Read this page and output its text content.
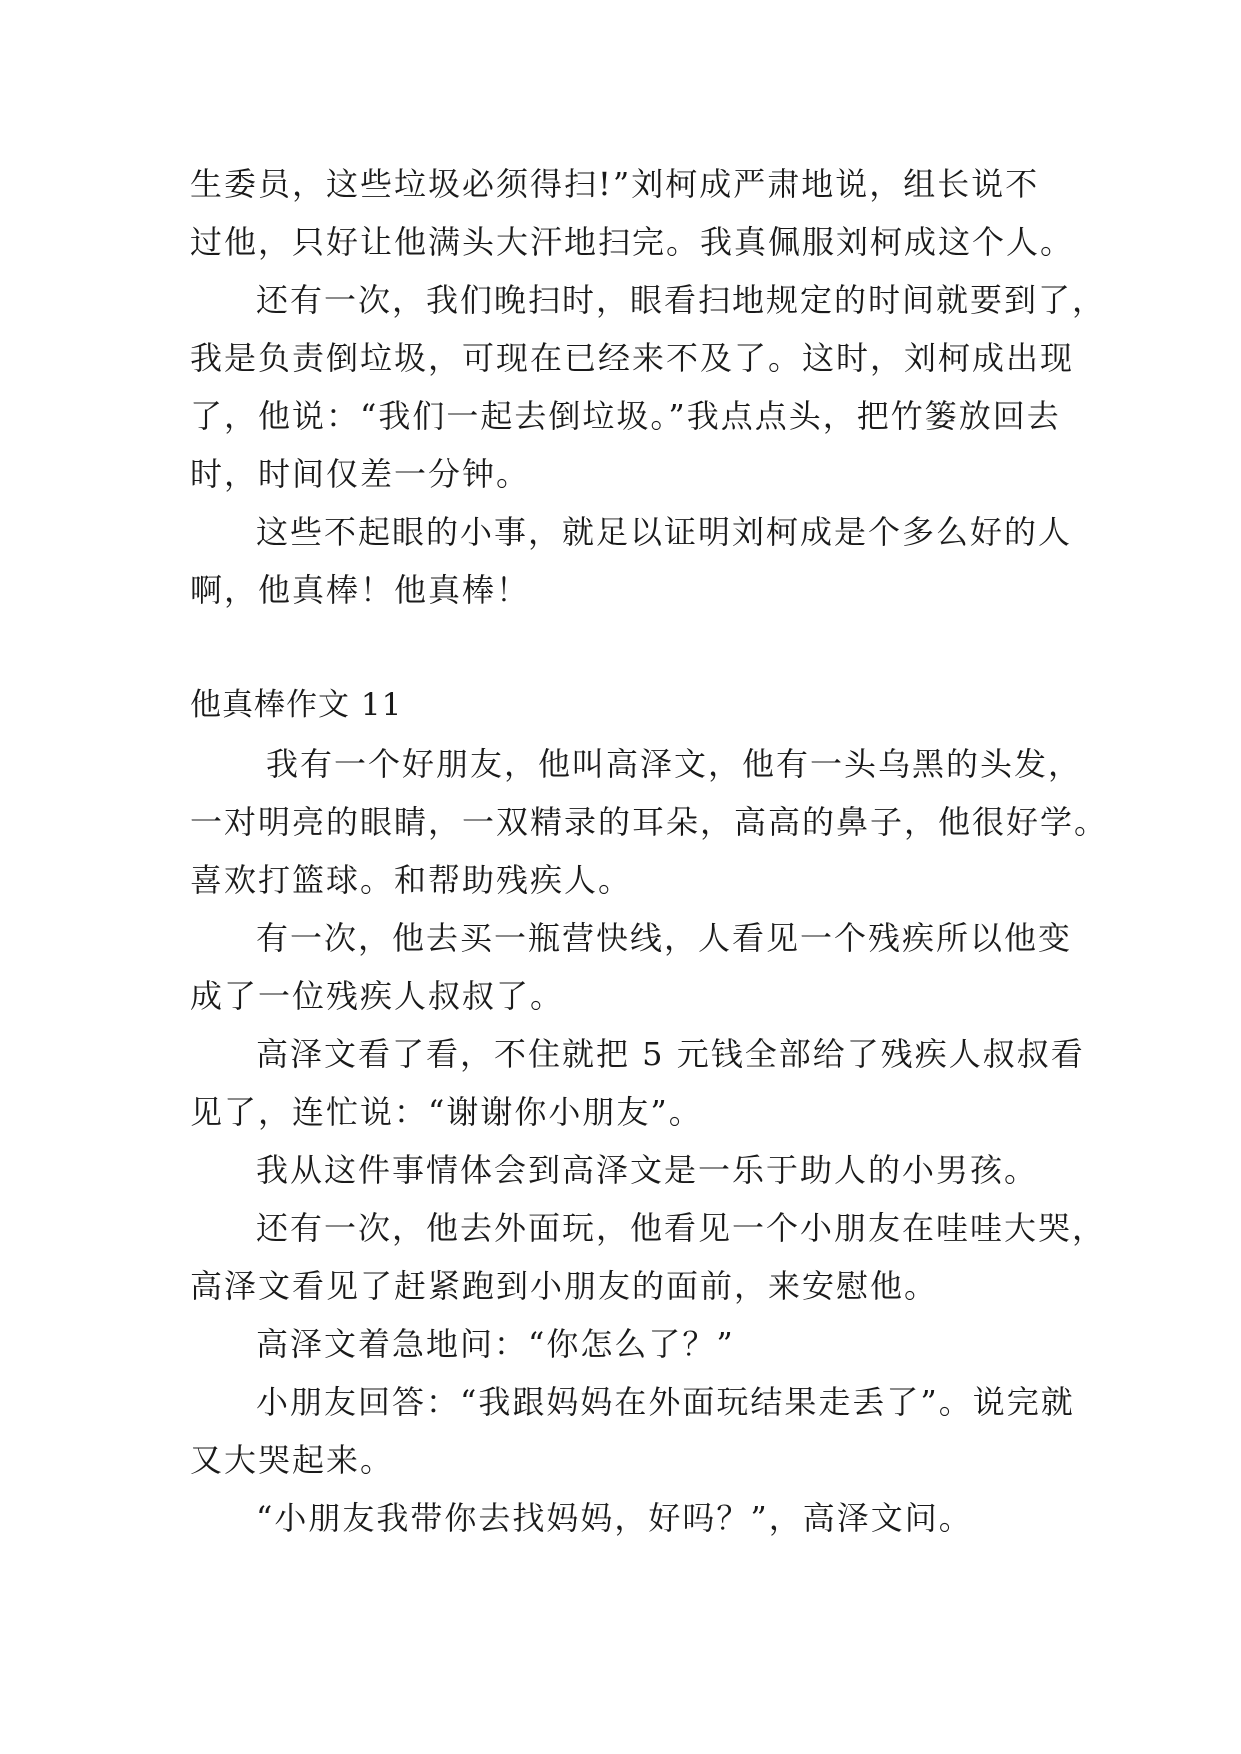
生委员，这些垃圾必须得扫!”刘柯成严肃地说，组长说不
过他，只好让他满头大汗地扫完。我真佩服刘柯成这个人。
还有一次，我们晚扫时，眼看扫地规定的时间就要到了，
我是负责倒垃圾，可现在已经来不及了。这时，刘柯成出现
了，他说：“我们一起去倒垃圾。”我点点头，把竹篓放回去
时，时间仅差一分钟。
这些不起眼的小事，就足以证明刘柯成是个多么好的人
啊，他真棒！他真棒！
他真棒作文 11
我有一个好朋友，他叫高泽文，他有一头乌黑的头发，
一对明亮的眼睛，一双精录的耳朵，高高的鼻子，他很好学。
喜欢打篮球。和帮助残疾人。
有一次，他去买一瓶营快线，人看见一个残疾所以他变
成了一位残疾人叔叔了。
高泽文看了看，不住就把 5 元钱全部给了残疾人叔叔看
见了，连忙说：“谢谢你小朋友”。
我从这件事情体会到高泽文是一乐于助人的小男孩。
还有一次，他去外面玩，他看见一个小朋友在哇哇大哭，
高泽文看见了赶紧跑到小朋友的面前，来安慰他。
高泽文着急地问：“你怎么了？”
小朋友回答：“我跟妈妈在外面玩结果走丢了”。说完就
又大哭起来。
“小朋友我带你去找妈妈，好吗？”，高泽文问。
